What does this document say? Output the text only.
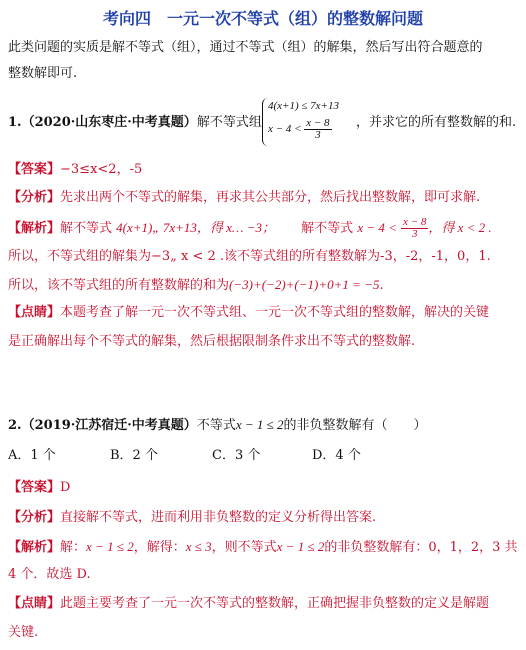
考向四　一元一次不等式（组）的整数解问题
此类问题的实质是解不等式（组），通过不等式（组）的解集，然后写出符合题意的
整数解即可.
1.（2020·山东枣庄·中考真题）解不等式组
4(x+1) ≤ 7x+13
$x - 4 < \frac{x - 8}{3}$ ，并求它的所有整数解的和.
【答案】−3≤x<2，-5
【分析】先求出两个不等式的解集，再求其公共部分，然后找出整数解，即可求解.
【解析】解不等式 4(x+1)„ 7x+13，得 x… −3； 解不等式 $x - 4 < \frac{x - 8}{3}$ ，得 x < 2 .
所以，不等式组的解集为−3„ x < 2 .该不等式组的所有整数解为-3，-2，-1，0，1.
所以，该不等式组的所有整数解的和为(−3)+(−2)+(−1)+0+1 = −5.
【点睛】本题考查了解一元一次不等式组、一元一次不等式组的整数解，解决的关键
是正确解出每个不等式的解集，然后根据限制条件求出不等式的整数解.
2.（2019·江苏宿迁·中考真题）不等式x − 1 ≤ 2的非负整数解有（　　）
A．1 个	B．2 个	C．3 个	D．4 个
【答案】D
【分析】直接解不等式，进而利用非负整数的定义分析得出答案.
【解析】解：x − 1 ≤ 2，解得：x ≤ 3，则不等式x − 1 ≤ 2的非负整数解有：0，1，2，3 共
4 个．故选 D.
【点睛】此题主要考查了一元一次不等式的整数解，正确把握非负整数的定义是解题
关键.
